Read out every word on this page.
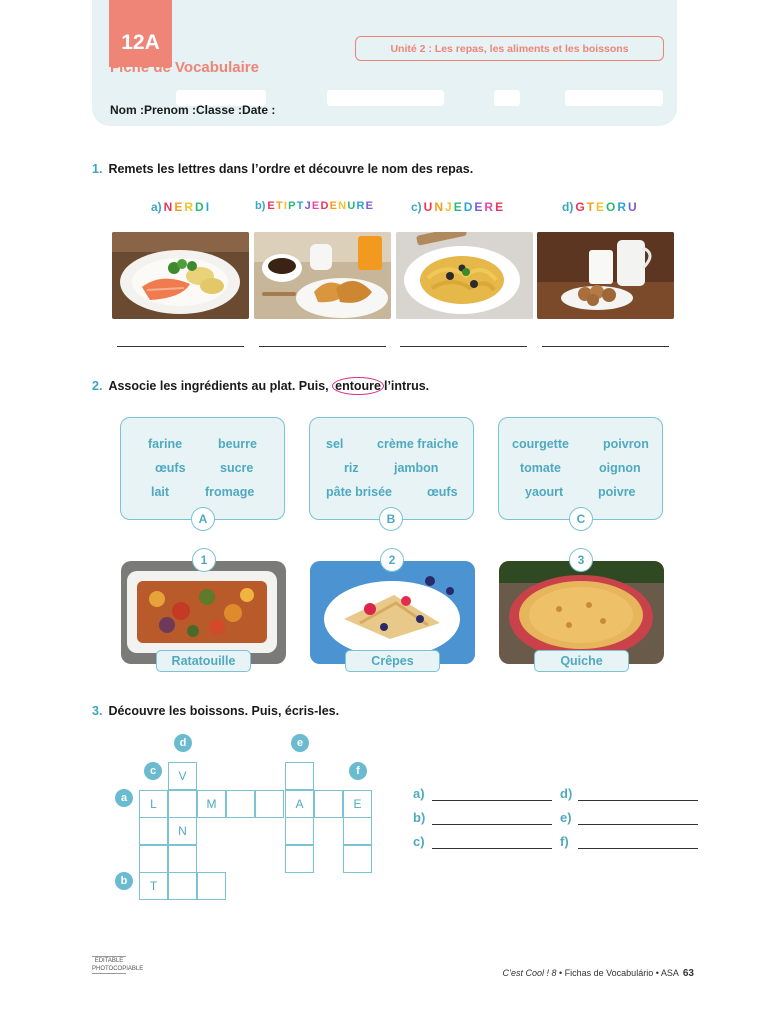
12A
Fiche de Vocabulaire
Unité 2 : Les repas, les aliments et les boissons
Nom :Prenom :Classe :Date :
1. Remets les lettres dans l’ordre et découvre le nom des repas.
a) NERDI	b) ETIPTJEDENURE	c) UNJEDERE	d) GTEORU
2. Associe les ingrédients au plat. Puis, entoure l’intrus.
farine	beurre
œufs	sucre
lait	fromage
A
sel	crème fraiche
riz	jambon
pâte brisée	œufs
B
courgette	poivron
tomate	oignon
yaourt	poivre
C
1	2	3
Ratatouille	Crêpes	Quiche
3. Découvre les boissons. Puis, écris-les.
L	M	A	E
V
N
T
a
b
c
d	e
f
a)
b)
c)
d)
e)
f)
EDITABLE PHOTOCOPIABLE	C’est Cool ! 8 • Fichas de Vocabulário • ASA 63
